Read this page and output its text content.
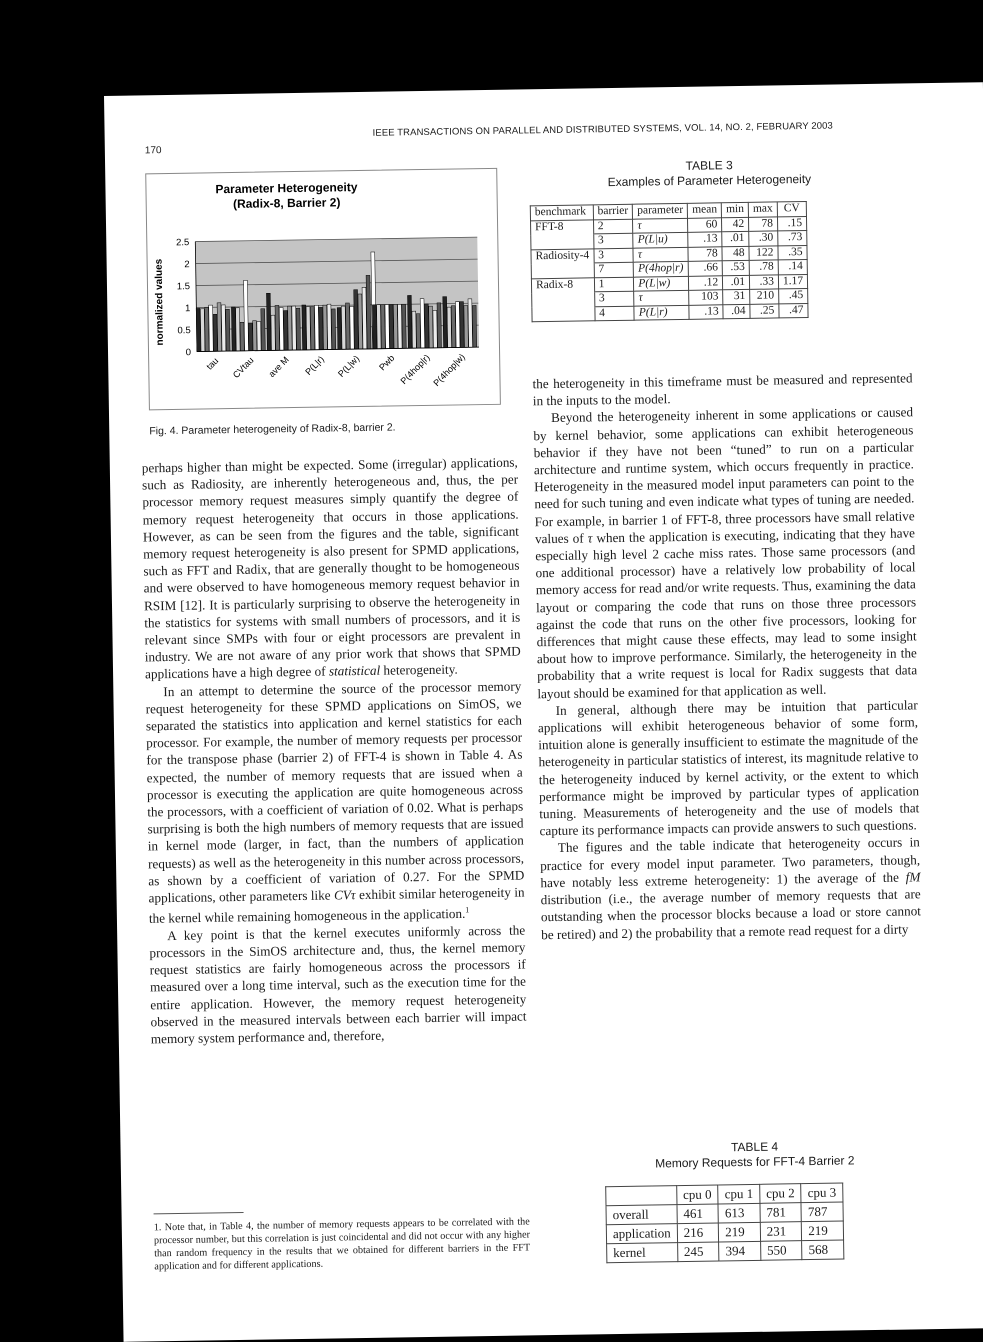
170
IEEE TRANSACTIONS ON PARALLEL AND DISTRIBUTED SYSTEMS, VOL. 14, NO. 2, FEBRUARY 2003
Parameter Heterogeneity
(Radix-8, Barrier 2)
normalized values
0
0.5
1
1.5
2
2.5
tau CVtau ave M P(L|r) P(L|w) Pwb P(4hop|r) P(4hop|w)
Fig. 4. Parameter heterogeneity of Radix-8, barrier 2.
TABLE 3
Examples of Parameter Heterogeneity
benchmark	barrier	parameter	mean	min	max	CV
FFT-8	2	τ	60	42	78	.15
	3	P(L|u)	.13	.01	.30	.73
Radiosity-4	3	τ	78	48	122	.35
	7	P(4hop|r)	.66	.53	.78	.14
Radix-8	1	P(L|w)	.12	.01	.33	1.17
	3	τ	103	31	210	.45
	4	P(L|r)	.13	.04	.25	.47

perhaps higher than might be expected. Some (irregular) applications, such as Radiosity, are inherently heterogeneous and, thus, the per processor memory request measures simply quantify the degree of memory request heterogeneity that occurs in those applications. However, as can be seen from the figures and the table, significant memory request heterogeneity is also present for SPMD applications, such as FFT and Radix, that are generally thought to be homogeneous and were observed to have homogeneous memory request behavior in RSIM [12]. It is particularly surprising to observe the heterogeneity in the statistics for systems with small numbers of processors, and it is relevant since SMPs with four or eight processors are prevalent in industry. We are not aware of any prior work that shows that SPMD applications have a high degree of statistical heterogeneity.

In an attempt to determine the source of the processor memory request heterogeneity for these SPMD applications on SimOS, we separated the statistics into application and kernel statistics for each processor. For example, the number of memory requests per processor for the transpose phase (barrier 2) of FFT-4 is shown in Table 4. As expected, the number of memory requests that are issued when a processor is executing the application are quite homogeneous across the processors, with a coefficient of variation of 0.02. What is perhaps surprising is both the high numbers of memory requests that are issued in kernel mode (larger, in fact, than the numbers of application requests) as well as the heterogeneity in this number across processors, as shown by a coefficient of variation of 0.27. For the SPMD applications, other parameters like CVτ exhibit similar heterogeneity in the kernel while remaining homogeneous in the application.$^1$

A key point is that the kernel executes uniformly across the processors in the SimOS architecture and, thus, the kernel memory request statistics are fairly homogeneous across the processors if measured over a long time interval, such as the execution time for the entire application. However, the memory request heterogeneity observed in the measured intervals between each barrier will impact memory system performance and, therefore,

1. Note that, in Table 4, the number of memory requests appears to be correlated with the processor number, but this correlation is just coincidental and did not occur with any higher than random frequency in the results that we obtained for different barriers in the FFT application and for different applications.

the heterogeneity in this timeframe must be measured and represented in the inputs to the model.

Beyond the heterogeneity inherent in some applications or caused by kernel behavior, some applications can exhibit heterogeneous behavior if they have not been “tuned” to run on a particular architecture and runtime system, which occurs frequently in practice. Heterogeneity in the measured model input parameters can point to the need for such tuning and even indicate what types of tuning are needed. For example, in barrier 1 of FFT-8, three processors have small relative values of τ when the application is executing, indicating that they have especially high level 2 cache miss rates. Those same processors (and one additional processor) have a relatively low probability of local memory access for read and/or write requests. Thus, examining the data layout or comparing the code that runs on those three processors against the code that runs on the other five processors, looking for differences that might cause these effects, may lead to some insight about how to improve performance. Similarly, the heterogeneity in the probability that a write request is local for Radix suggests that data layout should be examined for that application as well.

In general, although there may be intuition that particular applications will exhibit heterogeneous behavior of some form, intuition alone is generally insufficient to estimate the magnitude of the heterogeneity in particular statistics of interest, its magnitude relative to the heterogeneity induced by kernel activity, or the extent to which performance might be improved by particular types of application tuning. Measurements of heterogeneity and the use of models that capture its performance impacts can provide answers to such questions.

The figures and the table indicate that heterogeneity occurs in practice for every model input parameter. Two parameters, though, have notably less extreme heterogeneity: 1) the average of the fM distribution (i.e., the average number of memory requests that are outstanding when the processor blocks because a load or store cannot be retired) and 2) the probability that a remote read request for a dirty

TABLE 4
Memory Requests for FFT-4 Barrier 2
	cpu 0	cpu 1	cpu 2	cpu 3
overall	461	613	781	787
application	216	219	231	219
kernel	245	394	550	568
